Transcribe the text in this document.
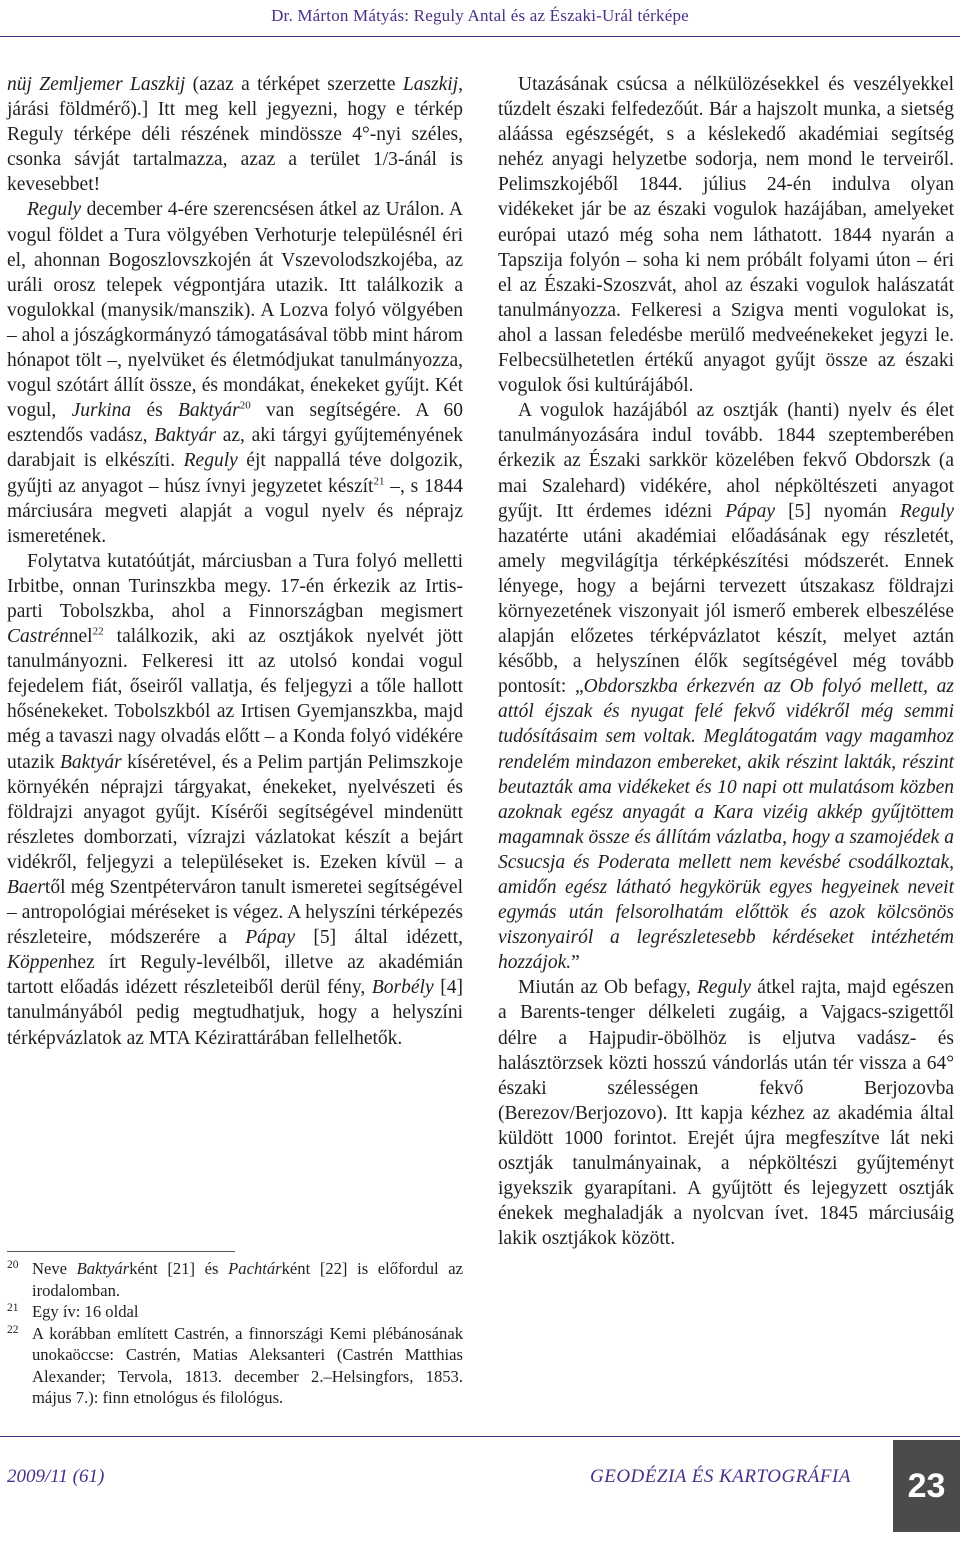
Dr. Márton Mátyás: Reguly Antal és az Északi-Urál térképe

nüj Zemljemer Laszkij (azaz a térképet szerzette Laszkij, járási földmérő).] Itt meg kell jegyezni, hogy e térkép Reguly térképe déli részének mindössze 4°-nyi széles, csonka sávját tartalmazza, azaz a terület 1/3-ánál is kevesebbet!

Reguly december 4-ére szerencsésen átkel az Urálon. A vogul földet a Tura völgyében Verhoturje településnél éri el, ahonnan Bogoszlovszkojén át Vszevolodszkojéba, az uráli orosz telepek végpontjára utazik. Itt találkozik a vogulokkal (manysik/manszik). A Lozva folyó völgyében – ahol a jószágkormányzó támogatásával több mint három hónapot tölt –, nyelvüket és életmódjukat tanulmányozza, vogul szótárt állít össze, és mondákat, énekeket gyűjt. Két vogul, Jurkina és Baktyár$^{20}$ van segítségére. A 60 esztendős vadász, Baktyár az, aki tárgyi gyűjteményének darabjait is elkészíti. Reguly éjt nappallá téve dolgozik, gyűjti az anyagot – húsz ívnyi jegyzetet készít$^{21}$ –, s 1844 márciusára megveti alapját a vogul nyelv és néprajz ismeretének.

Folytatva kutatóútját, márciusban a Tura folyó melletti Irbitbe, onnan Turinszkba megy. 17-én érkezik az Irtis-parti Tobolszkba, ahol a Finnországban megismert Castrénnel$^{22}$ találkozik, aki az osztjákok nyelvét jött tanulmányozni. Felkeresi itt az utolsó kondai vogul fejedelem fiát, őseiről vallatja, és feljegyzi a tőle hallott hősénekeket. Tobolszkból az Irtisen Gyemjanszkba, majd még a tavaszi nagy olvadás előtt – a Konda folyó vidékére utazik Baktyár kíséretével, és a Pelim partján Pelimszkoje környékén néprajzi tárgyakat, énekeket, nyelvészeti és földrajzi anyagot gyűjt. Kísérői segítségével mindenütt részletes domborzati, vízrajzi vázlatokat készít a bejárt vidékről, feljegyzi a településeket is. Ezeken kívül – a Baertől még Szentpéterváron tanult ismeretei segítségével – antropológiai méréseket is végez. A helyszíni térképezés részleteire, módszerére a Pápay [5] által idézett, Köppenhez írt Reguly-levélből, illetve az akadémián tartott előadás idézett részleteiből derül fény, Borbély [4] tanulmányából pedig megtudhatjuk, hogy a helyszíni térképvázlatok az MTA Kézirattárában fellelhetők.

20 Neve Baktyárként [21] és Pachtárként [22] is előfordul az irodalomban.
21 Egy ív: 16 oldal
22 A korábban említett Castrén, a finnországi Kemi plébánosának unokaöccse: Castrén, Matias Aleksanteri (Castrén Matthias Alexander; Tervola, 1813. december 2.–Helsingfors, 1853. május 7.): finn etnológus és filológus.

Utazásának csúcsa a nélkülözésekkel és veszélyekkel tűzdelt északi felfedezőút. Bár a hajszolt munka, a sietség aláássa egészségét, s a késlekedő akadémiai segítség nehéz anyagi helyzetbe sodorja, nem mond le terveiről. Pelimszkojéből 1844. július 24-én indulva olyan vidékeket jár be az északi vogulok hazájában, amelyeket európai utazó még soha nem láthatott. 1844 nyarán a Tapszija folyón – soha ki nem próbált folyami úton – éri el az Északi-Szoszvát, ahol az északi vogulok halászatát tanulmányozza. Felkeresi a Szigva menti vogulokat is, ahol a lassan feledésbe merülő medveénekeket jegyzi le. Felbecsülhetetlen értékű anyagot gyűjt össze az északi vogulok ősi kultúrájából.

A vogulok hazájából az osztják (hanti) nyelv és élet tanulmányozására indul tovább. 1844 szeptemberében érkezik az Északi sarkkör közelében fekvő Obdorszk (a mai Szalehard) vidékére, ahol népköltészeti anyagot gyűjt. Itt érdemes idézni Pápay [5] nyomán Reguly hazatérte utáni akadémiai előadásának egy részletét, amely megvilágítja térképkészítési módszerét. Ennek lényege, hogy a bejárni tervezett útszakasz földrajzi környezetének viszonyait jól ismerő emberek elbeszélése alapján előzetes térképvázlatot készít, melyet aztán később, a helyszínen élők segítségével még tovább pontosít: „Obdorszkba érkezvén az Ob folyó mellett, az attól éjszak és nyugat felé fekvő vidékről még semmi tudósításaim sem voltak. Meglátogatám vagy magamhoz rendelém mindazon embereket, akik részint lakták, részint beutazták ama vidékeket és 10 napi ott mulatásom közben azoknak egész anyagát a Kara vizéig akkép gyűjtöttem magamnak össze és állítám vázlatba, hogy a szamojédek a Scsucsja és Poderata mellett nem kevésbé csodálkoztak, amidőn egész látható hegykörük egyes hegyeinek neveit egymás után felsorolhatám előttök és azok kölcsönös viszonyairól a legrészletesebb kérdéseket intézhetém hozzájok.”

Miután az Ob befagy, Reguly átkel rajta, majd egészen a Barents-tenger délkeleti zugáig, a Vajgacs-szigettől délre a Hajpudir-öbölhöz is eljutva vadász- és halásztörzsek közti hosszú vándorlás után tér vissza a 64° északi szélességen fekvő Berjozovba (Berezov/Berjozovo). Itt kapja kézhez az akadémia által küldött 1000 forintot. Erejét újra megfeszítve lát neki osztják tanulmányainak, a népköltészi gyűjteményt igyekszik gyarapítani. A gyűjtött és lejegyzett osztják énekek meghaladják a nyolcvan ívet. 1845 márciusáig lakik osztjákok között.

2009/11 (61)	GEODÉZIA ÉS KARTOGRÁFIA	23
